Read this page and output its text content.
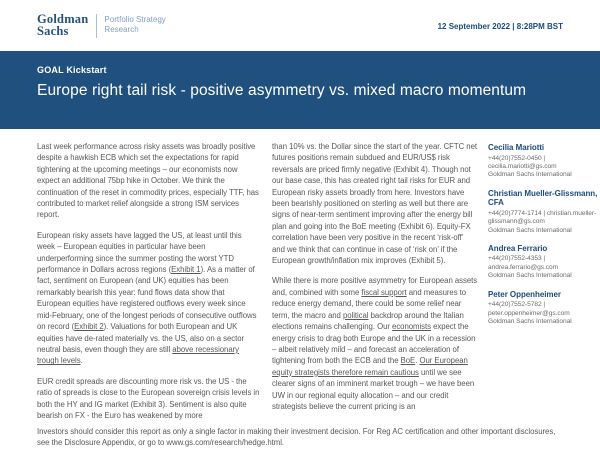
Goldman
Sachs
Portfolio Strategy
Research	12 September 2022 | 8:28PM BST
GOAL Kickstart
Europe right tail risk - positive asymmetry vs. mixed macro momentum

Last week performance across risky assets was broadly positive despite a hawkish ECB which set the expectations for rapid tightening at the upcoming meetings – our economists now expect an additional 75bp hike in October. We think the continuation of the reset in commodity prices, especially TTF, has contributed to market relief alongside a strong ISM services report.

European risky assets have lagged the US, at least until this week – European equities in particular have been underperforming since the summer posting the worst YTD performance in Dollars across regions (Exhibit 1). As a matter of fact, sentiment on European (and UK) equities has been remarkably bearish this year: fund flows data show that European equities have registered outflows every week since mid-February, one of the longest periods of consecutive outflows on record (Exhibit 2). Valuations for both European and UK equities have de-rated materially vs. the US, also on a sector neutral basis, even though they are still above recessionary trough levels.

EUR credit spreads are discounting more risk vs. the US - the ratio of spreads is close to the European sovereign crisis levels in both the HY and IG market (Exhibit 3). Sentiment is also quite bearish on FX - the Euro has weakened by more

than 10% vs. the Dollar since the start of the year. CFTC net futures positions remain subdued and EUR/US$ risk reversals are priced firmly negative (Exhibit 4). Though not our base case, this has created right tail risks for EUR and European risky assets broadly from here. Investors have been bearishly positioned on sterling as well but there are signs of near-term sentiment improving after the energy bill plan and going into the BoE meeting (Exhibit 6). Equity-FX correlation have been very positive in the recent ‘risk-off’ and we think that can continue in case of ‘risk on’ if the European growth/inflation mix improves (Exhibit 5).

While there is more positive asymmetry for European assets and, combined with some fiscal support and measures to reduce energy demand, there could be some relief near term, the macro and political backdrop around the Italian elections remains challenging. Our economists expect the energy crisis to drag both Europe and the UK in a recession – albeit relatively mild – and forecast an acceleration of tightening from both the ECB and the BoE. Our European equity strategists therefore remain cautious until we see clearer signs of an imminent market trough – we have been UW in our regional equity allocation – and our credit strategists believe the current pricing is an

Cecilia Mariotti
+44(20)7552-0450 | cecilia.mariotti@gs.com
Goldman Sachs International
Christian Mueller-Glissmann, CFA
+44(20)7774-1714 | christian.mueller-glissmann@gs.com
Goldman Sachs International
Andrea Ferrario
+44(20)7552-4353 | andrea.ferrario@gs.com
Goldman Sachs International
Peter Oppenheimer
+44(20)7552-5782 | peter.oppenheimer@gs.com
Goldman Sachs International
Investors should consider this report as only a single factor in making their investment decision. For Reg AC certification and other important disclosures,
see the Disclosure Appendix, or go to www.gs.com/research/hedge.html.
